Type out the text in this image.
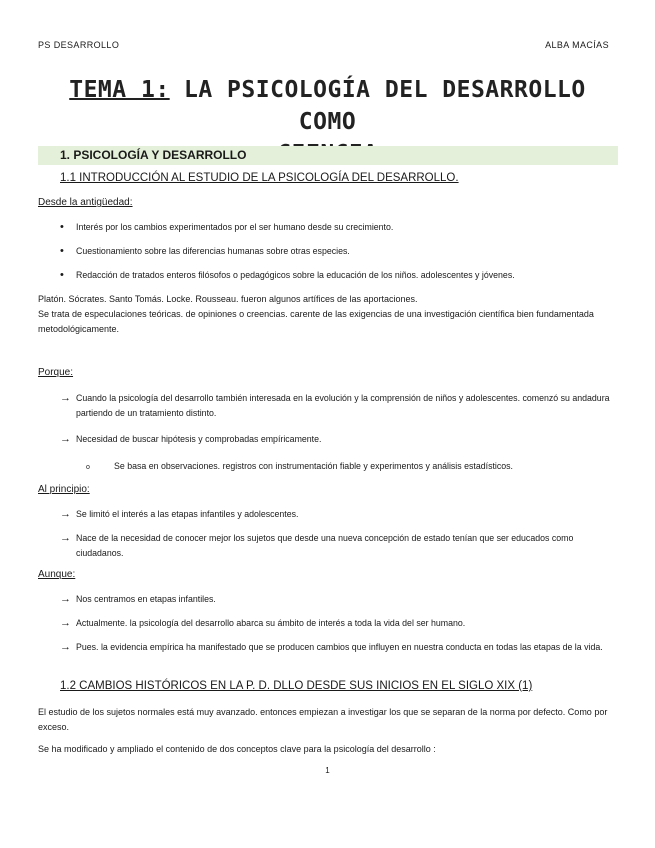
PS DESARROLLO	ALBA MACÍAS
TEMA 1: LA PSICOLOGÍA DEL DESARROLLO COMO

1. PSICOLOGÍA Y DESARROLLO
1.1 INTRODUCCIÓN AL ESTUDIO DE LA PSICOLOGÍA DEL DESARROLLO.
Desde la antigüedad:
•	Interés por los cambios experimentados por el ser humano desde su crecimiento.
•	Cuestionamiento sobre las diferencias humanas sobre otras especies.
•	Redacción de tratados enteros filósofos o pedagógicos sobre la educación de los niños. adolescentes y jóvenes.
Platón. Sócrates. Santo Tomás. Locke. Rousseau. fueron algunos artífices de las aportaciones.
Se trata de especulaciones teóricas. de opiniones o creencias. carente de las exigencias de una investigación científica bien fundamentada metodológicamente.
Porque:
→ Cuando la psicología del desarrollo también interesada en la evolución y la comprensión de niños y adolescentes. comenzó su andadura partiendo de un tratamiento distinto.
→ Necesidad de buscar hipótesis y comprobadas empíricamente.
o	Se basa en observaciones. registros con instrumentación fiable y experimentos y análisis estadísticos.
Al principio:
→ Se limitó el interés a las etapas infantiles y adolescentes.
→ Nace de la necesidad de conocer mejor los sujetos que desde una nueva concepción de estado tenían que ser educados como ciudadanos.
Aunque:
→ Nos centramos en etapas infantiles.
→ Actualmente. la psicología del desarrollo abarca su ámbito de interés a toda la vida del ser humano.
→ Pues. la evidencia empírica ha manifestado que se producen cambios que influyen en nuestra conducta en todas las etapas de la vida.
1.2 CAMBIOS HISTÓRICOS EN LA P. D. DLLO DESDE SUS INICIOS EN EL SIGLO XIX (1)
El estudio de los sujetos normales está muy avanzado. entonces empiezan a investigar los que se separan de la norma por defecto. Como por exceso.
Se ha modificado y ampliado el contenido de dos conceptos clave para la psicología del desarrollo :
1
